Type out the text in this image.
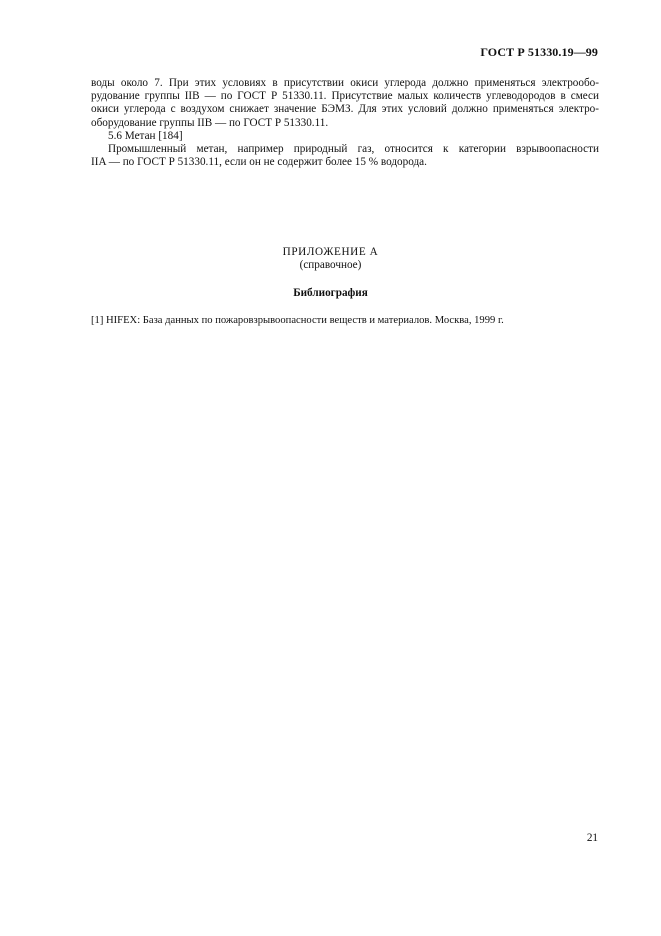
ГОСТ Р 51330.19—99
воды около 7. При этих условиях в присутствии окиси углерода должно применяться электрообо-
рудование группы IIB — по ГОСТ Р 51330.11. Присутствие малых количеств углеводородов в смеси
окиси углерода с воздухом снижает значение БЭМЗ. Для этих условий должно применяться электро-
оборудование группы IIB — по ГОСТ Р 51330.11.
5.6 Метан [184]
Промышленный метан, например природный газ, относится к категории взрывоопасности
IIA — по ГОСТ Р 51330.11, если он не содержит более 15 % водорода.
ПРИЛОЖЕНИЕ А
(справочное)
Библиография
[1] HIFEX: База данных по пожаровзрывоопасности веществ и материалов. Москва, 1999 г.
21
